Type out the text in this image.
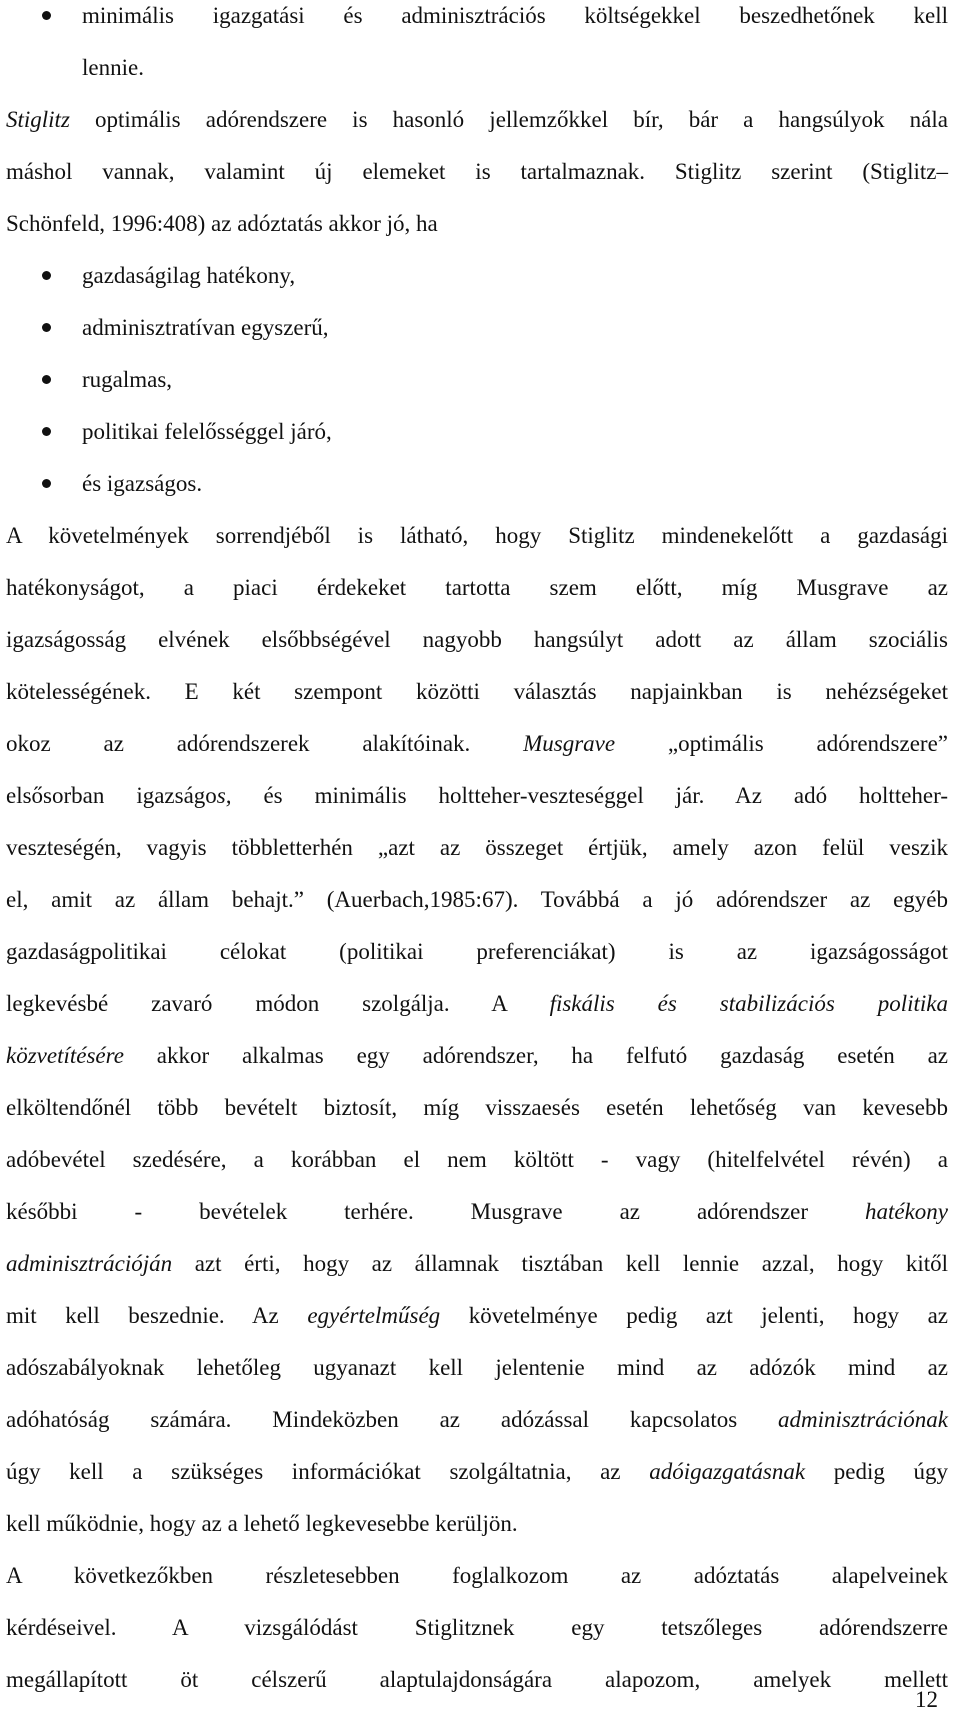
minimális igazgatási és adminisztrációs költségekkel beszedhetőnek kell
lennie.
Stiglitz optimális adórendszere is hasonló jellemzőkkel bír, bár a hangsúlyok nála
máshol vannak, valamint új elemeket is tartalmaznak. Stiglitz szerint (Stiglitz–
Schönfeld, 1996:408) az adóztatás akkor jó, ha
gazdaságilag hatékony,
adminisztratívan egyszerű,
rugalmas,
politikai felelősséggel járó,
és igazságos.
A követelmények sorrendjéből is látható, hogy Stiglitz mindenekelőtt a gazdasági
hatékonyságot, a piaci érdekeket tartotta szem előtt, míg Musgrave az
igazságosság elvének elsőbbségével nagyobb hangsúlyt adott az állam szociális
kötelességének. E két szempont közötti választás napjainkban is nehézségeket
okoz az adórendszerek alakítóinak. Musgrave „optimális adórendszere”
elsősorban igazságos, és minimális holtteher-veszteséggel jár. Az adó holtteher-
veszteségén, vagyis többletterhén „azt az összeget értjük, amely azon felül veszik
el, amit az állam behajt.” (Auerbach,1985:67). Továbbá a jó adórendszer az egyéb
gazdaságpolitikai célokat (politikai preferenciákat) is az igazságosságot
legkevésbé zavaró módon szolgálja. A fiskális és stabilizációs politika
közvetítésére akkor alkalmas egy adórendszer, ha felfutó gazdaság esetén az
elköltendőnél több bevételt biztosít, míg visszaesés esetén lehetőség van kevesebb
adóbevétel szedésére, a korábban el nem költött - vagy (hitelfelvétel révén) a
későbbi - bevételek terhére. Musgrave az adórendszer hatékony
adminisztrációján azt érti, hogy az államnak tisztában kell lennie azzal, hogy kitől
mit kell beszednie. Az egyértelműség követelménye pedig azt jelenti, hogy az
adószabályoknak lehetőleg ugyanazt kell jelentenie mind az adózók mind az
adóhatóság számára. Mindeközben az adózással kapcsolatos adminisztrációnak
úgy kell a szükséges információkat szolgáltatnia, az adóigazgatásnak pedig úgy
kell működnie, hogy az a lehető legkevesebbe kerüljön.
A következőkben részletesebben foglalkozom az adóztatás alapelveinek
kérdéseivel. A vizsgálódást Stiglitznek egy tetszőleges adórendszerre
megállapított öt célszerű alaptulajdonságára alapozom, amelyek mellett
12
